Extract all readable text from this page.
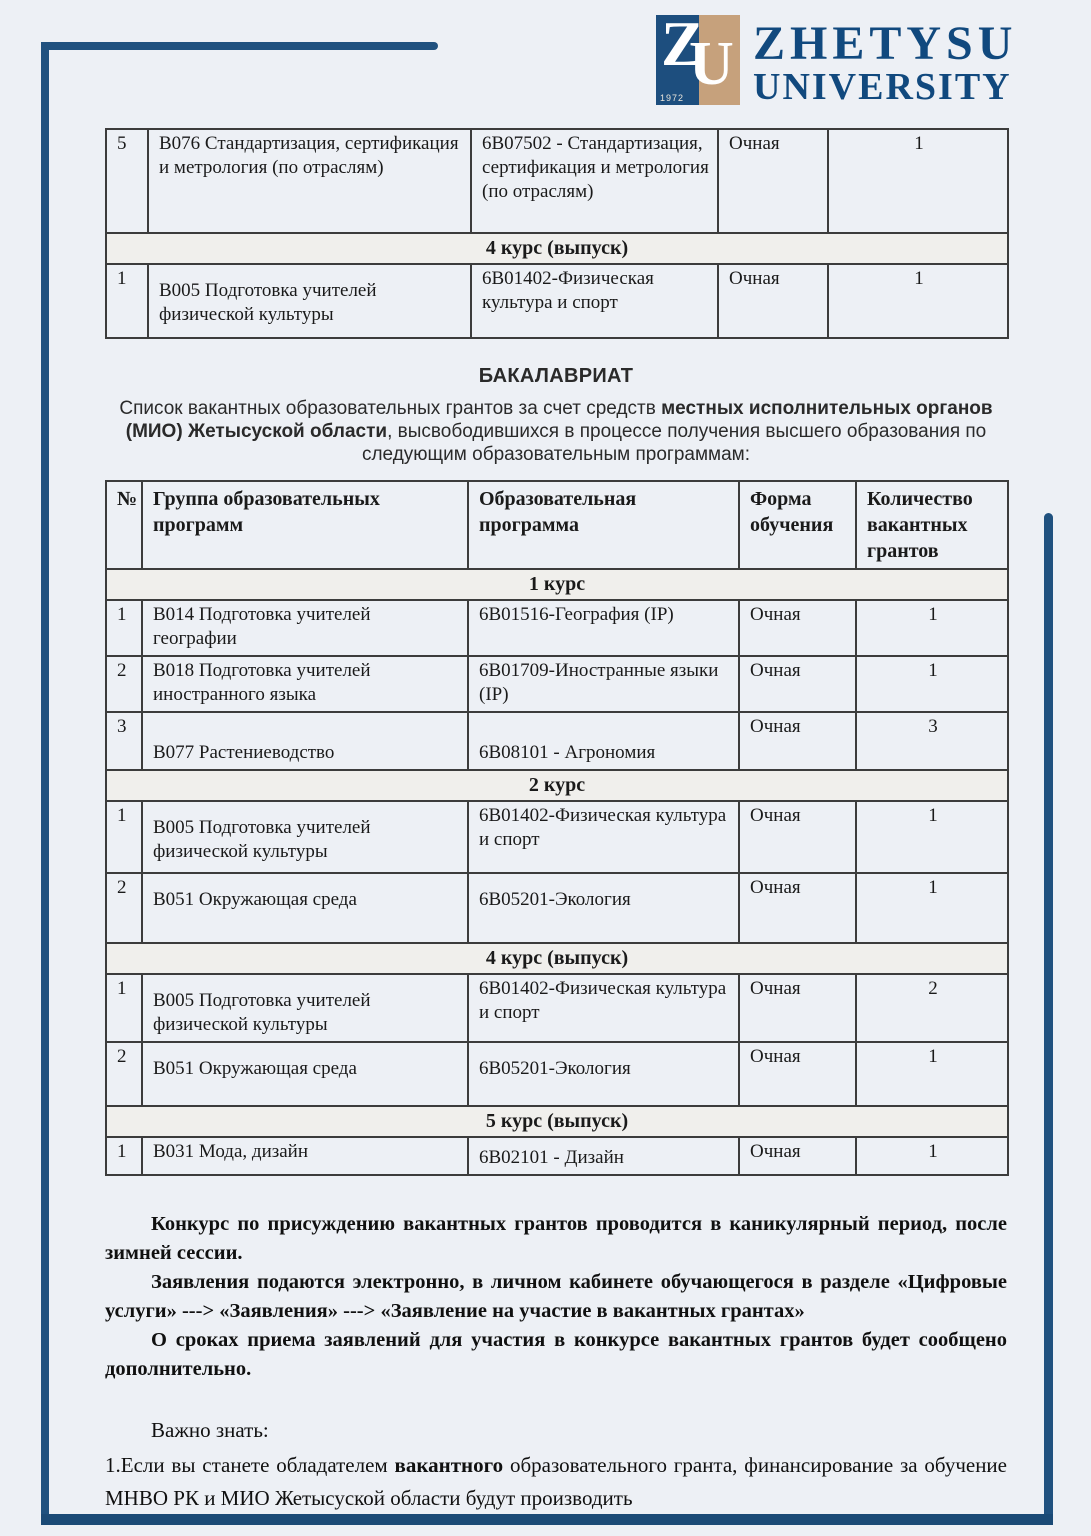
Z
U
1972
ZHETYSU
UNIVERSITY
5	В076 Стандартизация, сертификация и метрология (по отраслям)	6В07502 - Стандартизация, сертификация и метрология (по отраслям)	Очная	1
4 курс (выпуск)				
1	В005 Подготовка учителей физической культуры	6В01402-Физическая культура и спорт	Очная	1
БАКАЛАВРИАТ
Список вакантных образовательных грантов за счет средств местных исполнительных органов (МИО) Жетысуской области, высвободившихся в процессе получения высшего образования по следующим образовательным программам:
№	Группа образовательных программ	Образовательная программа	Форма обучения	Количество вакантных грантов
1 курс				
1	В014 Подготовка учителей географии	6В01516-География (IP)	Очная	1
2	В018 Подготовка учителей иностранного языка	6В01709-Иностранные языки (IP)	Очная	1
3	В077 Растениеводство	6В08101 - Агрономия	Очная	3
2 курс				
1	В005 Подготовка учителей физической культуры	6В01402-Физическая культура и спорт	Очная	1
2	В051 Окружающая среда	6В05201-Экология	Очная	1
4 курс (выпуск)				
1	В005 Подготовка учителей физической культуры	6В01402-Физическая культура и спорт	Очная	2
2	В051 Окружающая среда	6В05201-Экология	Очная	1
5 курс (выпуск)				
1	В031 Мода, дизайн	6В02101 - Дизайн	Очная	1

Конкурс по присуждению вакантных грантов проводится в каникулярный период, после зимней сессии.

Заявления подаются электронно, в личном кабинете обучающегося в разделе «Цифровые услуги» ---> «Заявления» ---> «Заявление на участие в вакантных грантах»

О сроках приема заявлений для участия в конкурсе вакантных грантов будет сообщено дополнительно.

Важно знать:

1.Если вы станете обладателем вакантного образовательного гранта, финансирование за обучение МНВО РК и МИО Жетысуской области будут производить
